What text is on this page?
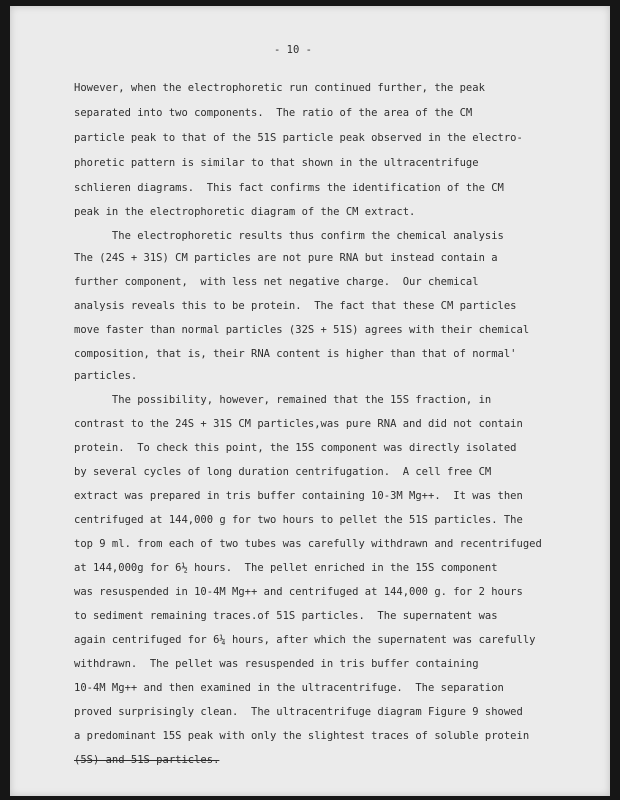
- 10 -
However, when the electrophoretic run continued further, the peak
separated into two components.  The ratio of the area of the CM
particle peak to that of the 51S particle peak observed in the electro-
phoretic pattern is similar to that shown in the ultracentrifuge
schlieren diagrams.  This fact confirms the identification of the CM
peak in the electrophoretic diagram of the CM extract.
The electrophoretic results thus confirm the chemical analysis
The (24S + 31S) CM particles are not pure RNA but instead contain a
further component,  with less net negative charge.  Our chemical
analysis reveals this to be protein.  The fact that these CM particles
move faster than normal particles (32S + 51S) agrees with their chemical
composition, that is, their RNA content is higher than that of normal'
particles.
The possibility, however, remained that the 15S fraction, in
contrast to the 24S + 31S CM particles,was pure RNA and did not contain
protein.  To check this point, the 15S component was directly isolated
by several cycles of long duration centrifugation.  A cell free CM
extract was prepared in tris buffer containing 10-3M Mg++.  It was then
centrifuged at 144,000 g for two hours to pellet the 51S particles. The
top 9 ml. from each of two tubes was carefully withdrawn and recentrifuged
at 144,000g for 6½ hours.  The pellet enriched in the 15S component
was resuspended in 10-4M Mg++ and centrifuged at 144,000 g. for 2 hours
to sediment remaining traces.of 51S particles.  The supernatent was
again centrifuged for 6¼ hours, after which the supernatent was carefully
withdrawn.  The pellet was resuspended in tris buffer containing
10-4M Mg++ and then examined in the ultracentrifuge.  The separation
proved surprisingly clean.  The ultracentrifuge diagram Figure 9 showed
a predominant 15S peak with only the slightest traces of soluble protein
(5S) and 51S particles.
